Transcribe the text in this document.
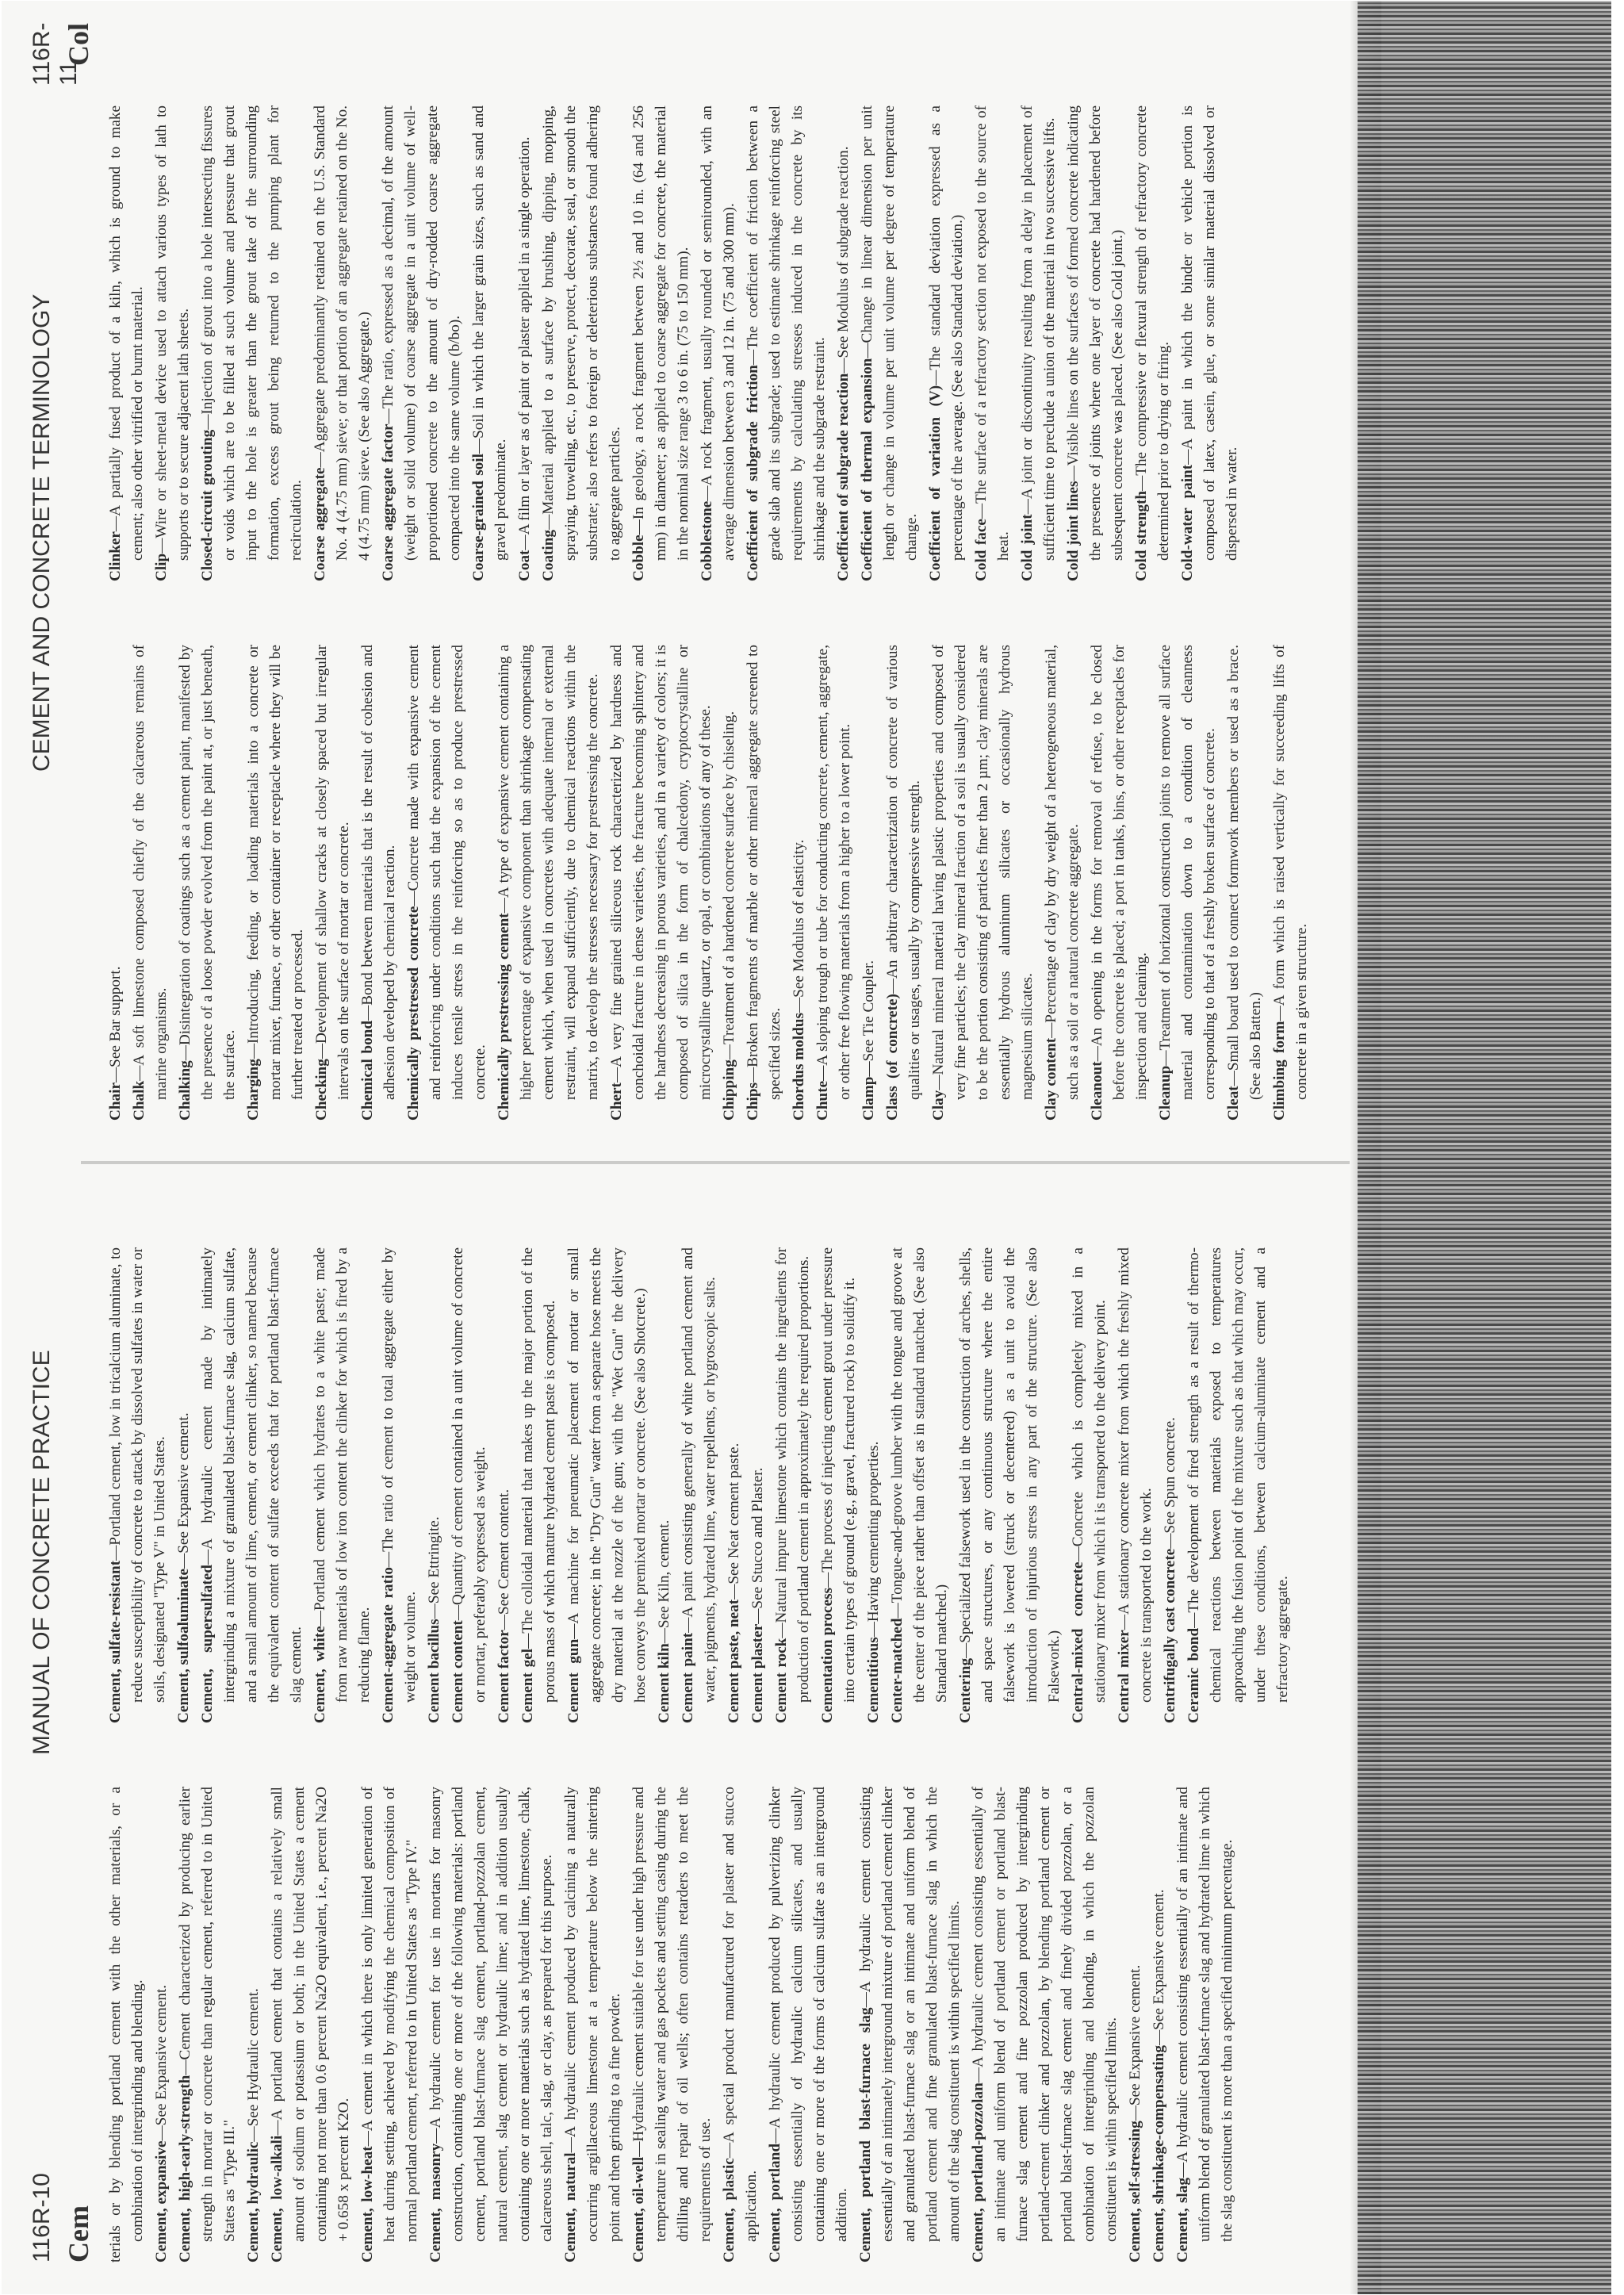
116R-10
MANUAL OF CONCRETE PRACTICE
CEMENT AND CONCRETE TERMINOLOGY
116R-11
Cem
Col

terials or by blending portland cement with the other materials, or a combination of intergrinding and blending. Cement, expansive—See Expansive cement.

Cement, high-early-strength—Cement characterized by producing earlier strength in mortar or concrete than regular cement, referred to in United States as "Type III." Cement, hydraulic—See Hydraulic cement.

Cement, low-alkali—A portland cement that contains a relatively small amount of sodium or potassium or both; in the United States a cement containing not more than 0.6 percent Na2O equivalent, i.e., percent Na2O + 0.658 x percent K2O. Cement, low-heat—A cement in which there is only limited generation of heat during setting, achieved by modifying the chemical composition of normal portland cement, referred to in United States as "Type IV." Cement, masonry—A hydraulic cement for use in mortars for masonry construction, containing one or more of the following materials: portland cement, portland blast-furnace slag cement, portland-pozzolan cement, natural cement, slag cement or hydraulic lime; and in addition usually containing one or more materials such as hydrated lime, limestone, chalk, calcareous shell, talc, slag, or clay, as prepared for this purpose. Cement, natural—A hydraulic cement produced by calcining a naturally occurring argillaceous limestone at a temperature below the sintering point and then grinding to a fine powder. Cement, oil-well—Hydraulic cement suitable for use under high pressure and temperature in sealing water and gas pockets and setting casing during the drilling and repair of oil wells; often contains retarders to meet the requirements of use. Cement, plastic—A special product manufactured for plaster and stucco application. Cement, portland—A hydraulic cement produced by pulverizing clinker consisting essentially of hydraulic calcium silicates, and usually containing one or more of the forms of calcium sulfate as an interground addition. Cement, portland blast-furnace slag—A hydraulic cement consisting essentially of an intimately interground mixture of portland cement clinker and granulated blast-furnace slag or an intimate and uniform blend of portland cement and fine granulated blast-furnace slag in which the amount of the slag constituent is within specified limits. Cement, portland-pozzolan—A hydraulic cement consisting essentially of an intimate and uniform blend of portland cement or portland blast-furnace slag cement and fine pozzolan produced by intergrinding portland-cement clinker and pozzolan, by blending portland cement or portland blast-furnace slag cement and finely divided pozzolan, or a combination of intergrinding and blending, in which the pozzolan constituent is within specified limits. Cement, self-stressing—See Expansive cement.

Cement, shrinkage-compensating—See Expansive cement.

Cement, slag—A hydraulic cement consisting essentially of an intimate and uniform blend of granulated blast-furnace slag and hydrated lime in which the slag constituent is more than a specified minimum percentage.

Cement, sulfate-resistant—Portland cement, low in tricalcium aluminate, to reduce susceptibility of concrete to attack by dissolved sulfates in water or soils, designated "Type V" in United States. Cement, sulfoaluminate—See Expansive cement.

Cement, supersulfated—A hydraulic cement made by intimately intergrinding a mixture of granulated blast-furnace slag, calcium sulfate, and a small amount of lime, cement, or cement clinker, so named because the equivalent content of sulfate exceeds that for portland blast-furnace slag cement. Cement, white—Portland cement which hydrates to a white paste; made from raw materials of low iron content the clinker for which is fired by a reducing flame. Cement-aggregate ratio—The ratio of cement to total aggregate either by weight or volume. Cement bacillus—See Ettringite.

Cement content—Quantity of cement contained in a unit volume of concrete or mortar, preferably expressed as weight. Cement factor—See Cement content.

Cement gel—The colloidal material that makes up the major portion of the porous mass of which mature hydrated cement paste is composed. Cement gun—A machine for pneumatic placement of mortar or small aggregate concrete; in the "Dry Gun" water from a separate hose meets the dry material at the nozzle of the gun; with the "Wet Gun" the delivery hose conveys the premixed mortar or concrete. (See also Shotcrete.) Cement kiln—See Kiln, cement.

Cement paint—A paint consisting generally of white portland cement and water, pigments, hydrated lime, water repellents, or hygroscopic salts. Cement paste, neat—See Neat cement paste.

Cement plaster—See Stucco and Plaster.

Cement rock—Natural impure limestone which contains the ingredients for production of portland cement in approximately the required proportions. Cementation process—The process of injecting cement grout under pressure into certain types of ground (e.g., gravel, fractured rock) to solidify it. Cementitious—Having cementing properties.

Center-matched—Tongue-and-groove lumber with the tongue and groove at the center of the piece rather than offset as in standard matched. (See also Standard matched.) Centering—Specialized falsework used in the construction of arches, shells, and space structures, or any continuous structure where the entire falsework is lowered (struck or decentered) as a unit to avoid the introduction of injurious stress in any part of the structure. (See also Falsework.) Central-mixed concrete—Concrete which is completely mixed in a stationary mixer from which it is transported to the delivery point. Central mixer—A stationary concrete mixer from which the freshly mixed concrete is transported to the work. Centrifugally cast concrete—See Spun concrete.

Ceramic bond—The development of fired strength as a result of thermo-chemical reactions between materials exposed to temperatures approaching the fusion point of the mixture such as that which may occur, under these conditions, between calcium-aluminate cement and a refractory aggregate.

Chair—See Bar support.

Chalk—A soft limestone composed chiefly of the calcareous remains of marine organisms. Chalking—Disintegration of coatings such as a cement paint, manifested by the presence of a loose powder evolved from the paint at, or just beneath, the surface. Charging—Introducing, feeding, or loading materials into a concrete or mortar mixer, furnace, or other container or receptacle where they will be further treated or processed. Checking—Development of shallow cracks at closely spaced but irregular intervals on the surface of mortar or concrete. Chemical bond—Bond between materials that is the result of cohesion and adhesion developed by chemical reaction. Chemically prestressed concrete—Concrete made with expansive cement and reinforcing under conditions such that the expansion of the cement induces tensile stress in the reinforcing so as to produce prestressed concrete. Chemically prestressing cement—A type of expansive cement containing a higher percentage of expansive component than shrinkage compensating cement which, when used in concretes with adequate internal or external restraint, will expand sufficiently, due to chemical reactions within the matrix, to develop the stresses necessary for prestressing the concrete.

Chert—A very fine grained siliceous rock characterized by hardness and conchoidal fracture in dense varieties, the fracture becoming splintery and the hardness decreasing in porous varieties, and in a variety of colors; it is composed of silica in the form of chalcedony, cryptocrystalline or microcrystalline quartz, or opal, or combinations of any of these. Chipping—Treatment of a hardened concrete surface by chiseling.

Chips—Broken fragments of marble or other mineral aggregate screened to specified sizes. Chordus moldus—See Modulus of elasticity.

Chute—A sloping trough or tube for conducting concrete, cement, aggregate, or other free flowing materials from a higher to a lower point. Clamp—See Tie Coupler. Class (of concrete)—An arbitrary characterization of concrete of various qualities or usages, usually by compressive strength.

Clay—Natural mineral material having plastic properties and composed of very fine particles; the clay mineral fraction of a soil is usually considered to be the portion consisting of particles finer than 2 µm; clay minerals are essentially hydrous aluminum silicates or occasionally hydrous magnesium silicates. Clay content—Percentage of clay by dry weight of a heterogeneous material, such as a soil or a natural concrete aggregate. Cleanout—An opening in the forms for removal of refuse, to be closed before the concrete is placed; a port in tanks, bins, or other receptacles for inspection and cleaning. Cleanup—Treatment of horizontal construction joints to remove all surface material and contamination down to a condition of cleanness corresponding to that of a freshly broken surface of concrete.

Cleat—Small board used to connect formwork members or used as a brace. (See also Batten.) Climbing form—A form which is raised vertically for succeeding lifts of concrete in a given structure.

Clinker—A partially fused product of a kiln, which is ground to make cement; also other vitrified or burnt material.

Clip—Wire or sheet-metal device used to attach various types of lath to supports or to secure adjacent lath sheets. Closed-circuit grouting—Injection of grout into a hole intersecting fissures or voids which are to be filled at such volume and pressure that grout input to the hole is greater than the grout take of the surrounding formation, excess grout being returned to the pumping plant for recirculation. Coarse aggregate—Aggregate predominantly retained on the U.S. Standard No. 4 (4.75 mm) sieve; or that portion of an aggregate retained on the No. 4 (4.75 mm) sieve. (See also Aggregate.) Coarse aggregate factor—The ratio, expressed as a decimal, of the amount (weight or solid volume) of coarse aggregate in a unit volume of well-proportioned concrete to the amount of dry-rodded coarse aggregate compacted into the same volume (b/bo). Coarse-grained soil—Soil in which the larger grain sizes, such as sand and gravel predominate.

Coat—A film or layer as of paint or plaster applied in a single operation.

Coating—Material applied to a surface by brushing, dipping, mopping, spraying, troweling, etc., to preserve, protect, decorate, seal, or smooth the substrate; also refers to foreign or deleterious substances found adhering to aggregate particles. Cobble—In geology, a rock fragment between 2½ and 10 in. (64 and 256 mm) in diameter; as applied to coarse aggregate for concrete, the material in the nominal size range 3 to 6 in. (75 to 150 mm). Cobblestone—A rock fragment, usually rounded or semirounded, with an average dimension between 3 and 12 in. (75 and 300 mm). Coefficient of subgrade friction—The coefficient of friction between a grade slab and its subgrade; used to estimate shrinkage reinforcing steel requirements by calculating stresses induced in the concrete by its shrinkage and the subgrade restraint. Coefficient of subgrade reaction—See Modulus of subgrade reaction.

Coefficient of thermal expansion—Change in linear dimension per unit length or change in volume per unit volume per degree of temperature change. Coefficient of variation (V)—The standard deviation expressed as a percentage of the average. (See also Standard deviation.) Cold face—The surface of a refractory section not exposed to the source of heat. Cold joint—A joint or discontinuity resulting from a delay in placement of sufficient time to preclude a union of the material in two successive lifts. Cold joint lines—Visible lines on the surfaces of formed concrete indicating the presence of joints where one layer of concrete had hardened before subsequent concrete was placed. (See also Cold joint.) Cold strength—The compressive or flexural strength of refractory concrete determined prior to drying or firing. Cold-water paint—A paint in which the binder or vehicle portion is composed of latex, casein, glue, or some similar material dissolved or dispersed in water.
